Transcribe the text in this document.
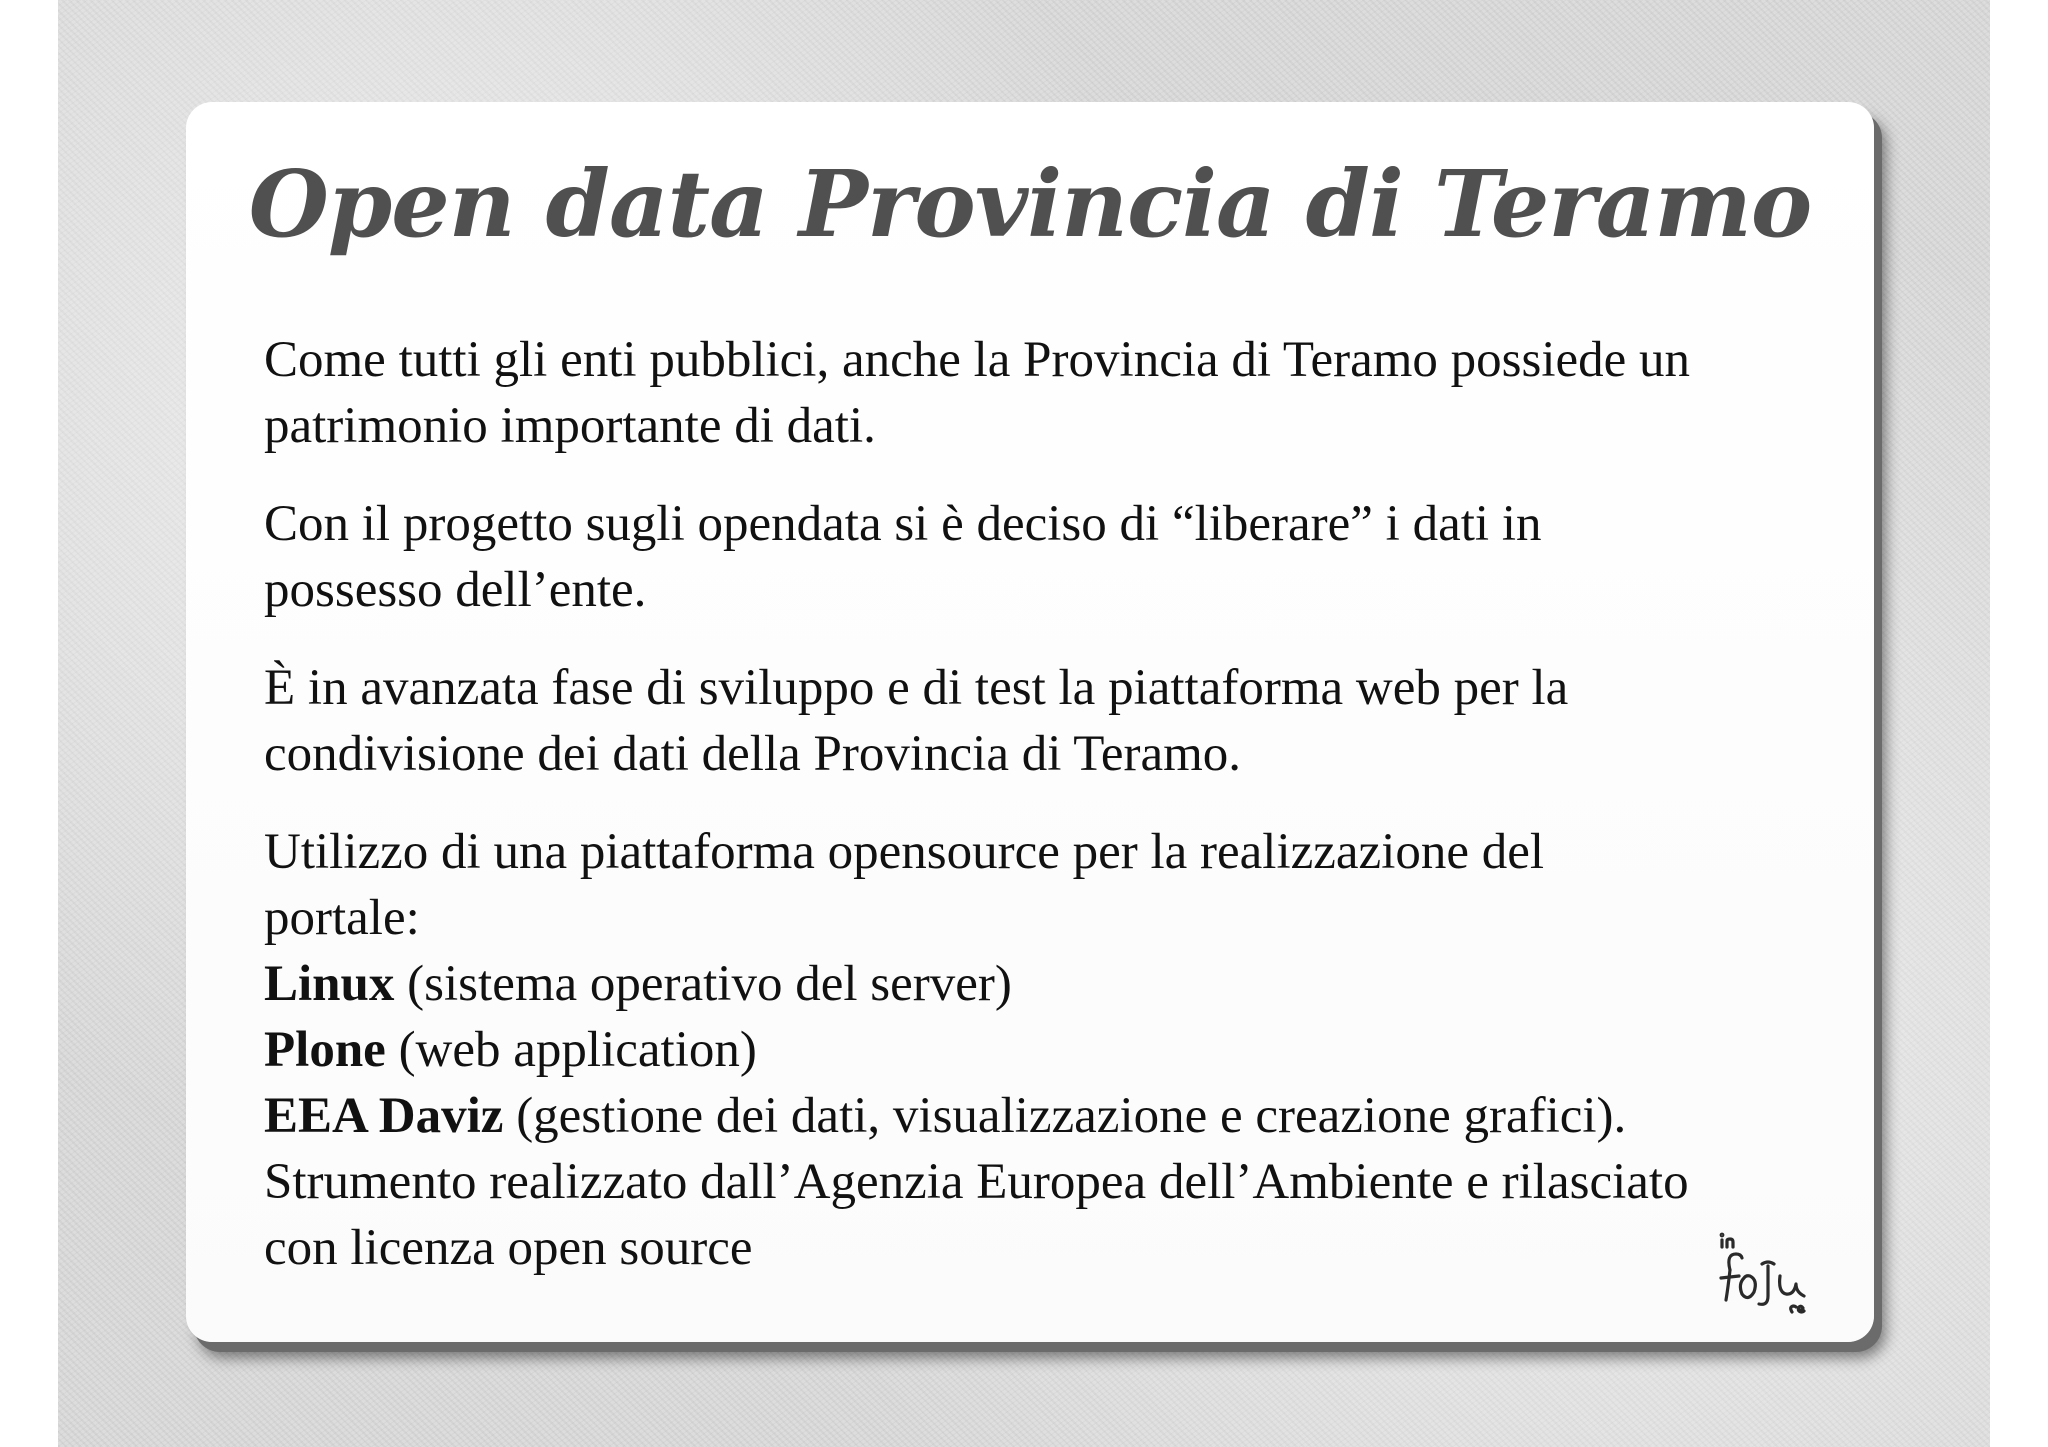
Open data Provincia di Teramo

Come tutti gli enti pubblici, anche la Provincia di Teramo possiede un
patrimonio importante di dati.

Con il progetto sugli opendata si è deciso di “liberare” i dati in
possesso dell’ente.

È in avanzata fase di sviluppo e di test la piattaforma web per la
condivisione dei dati della Provincia di Teramo.

Utilizzo di una piattaforma opensource per la realizzazione del
portale:
Linux (sistema operativo del server)
Plone (web application)
EEA Daviz (gestione dei dati, visualizzazione e creazione grafici).
Strumento realizzato dall’Agenzia Europea dell’Ambiente e rilasciato
con licenza open source
